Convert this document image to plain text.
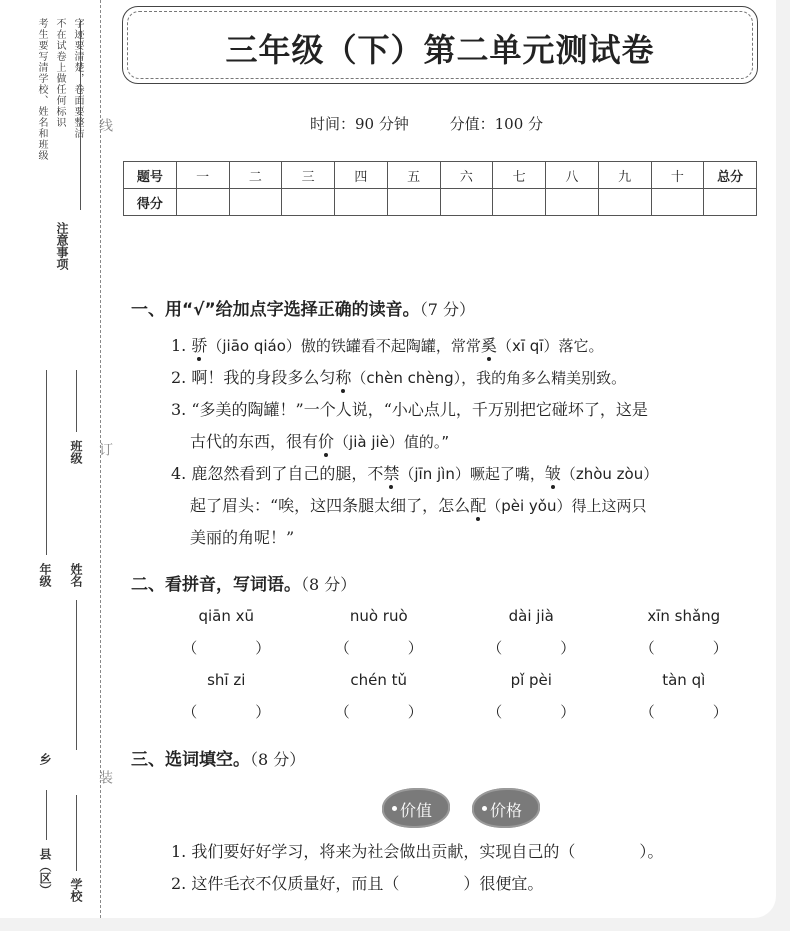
注意事项
考生要写清学校、姓名和班级 不在试卷上做任何标识 字迹要清楚，卷面要整洁 线
订
装
班级
年级 姓名
乡
县（区） 学校
三年级（下）第二单元测试卷
时间：90 分钟	分值：100 分
题号	一	二	三	四	五	六	七	八	九	十	总分
得分											
一、用“√”给加点字选择正确的读音。（7 分）
1. 骄（jiāo qiáo）傲的铁罐看不起陶罐，常常奚（xī qī）落它。
2. 啊！我的身段多么匀称（chèn chèng），我的角多么精美别致。
3. “多美的陶罐！”一个人说，“小心点儿，千万别把它碰坏了，这是
古代的东西，很有价（jià jiè）值的。”
4. 鹿忽然看到了自己的腿，不禁（jīn jìn）噘起了嘴，皱（zhòu zòu）
起了眉头：“唉，这四条腿太细了，怎么配（pèi yǒu）得上这两只
美丽的角呢！”
二、看拼音，写词语。（8 分）
qiān xū	nuò ruò	dài jià	xīn shǎng
（	）	（	）	（	）	（	）
shī zi	chén tǔ	pǐ pèi	tàn qì
（	）	（	）	（	）	（	）
三、选词填空。（8 分）
价值	价格
1. 我们要好好学习，将来为社会做出贡献，实现自己的（　　　　）。
2. 这件毛衣不仅质量好，而且（　　　　）很便宜。
